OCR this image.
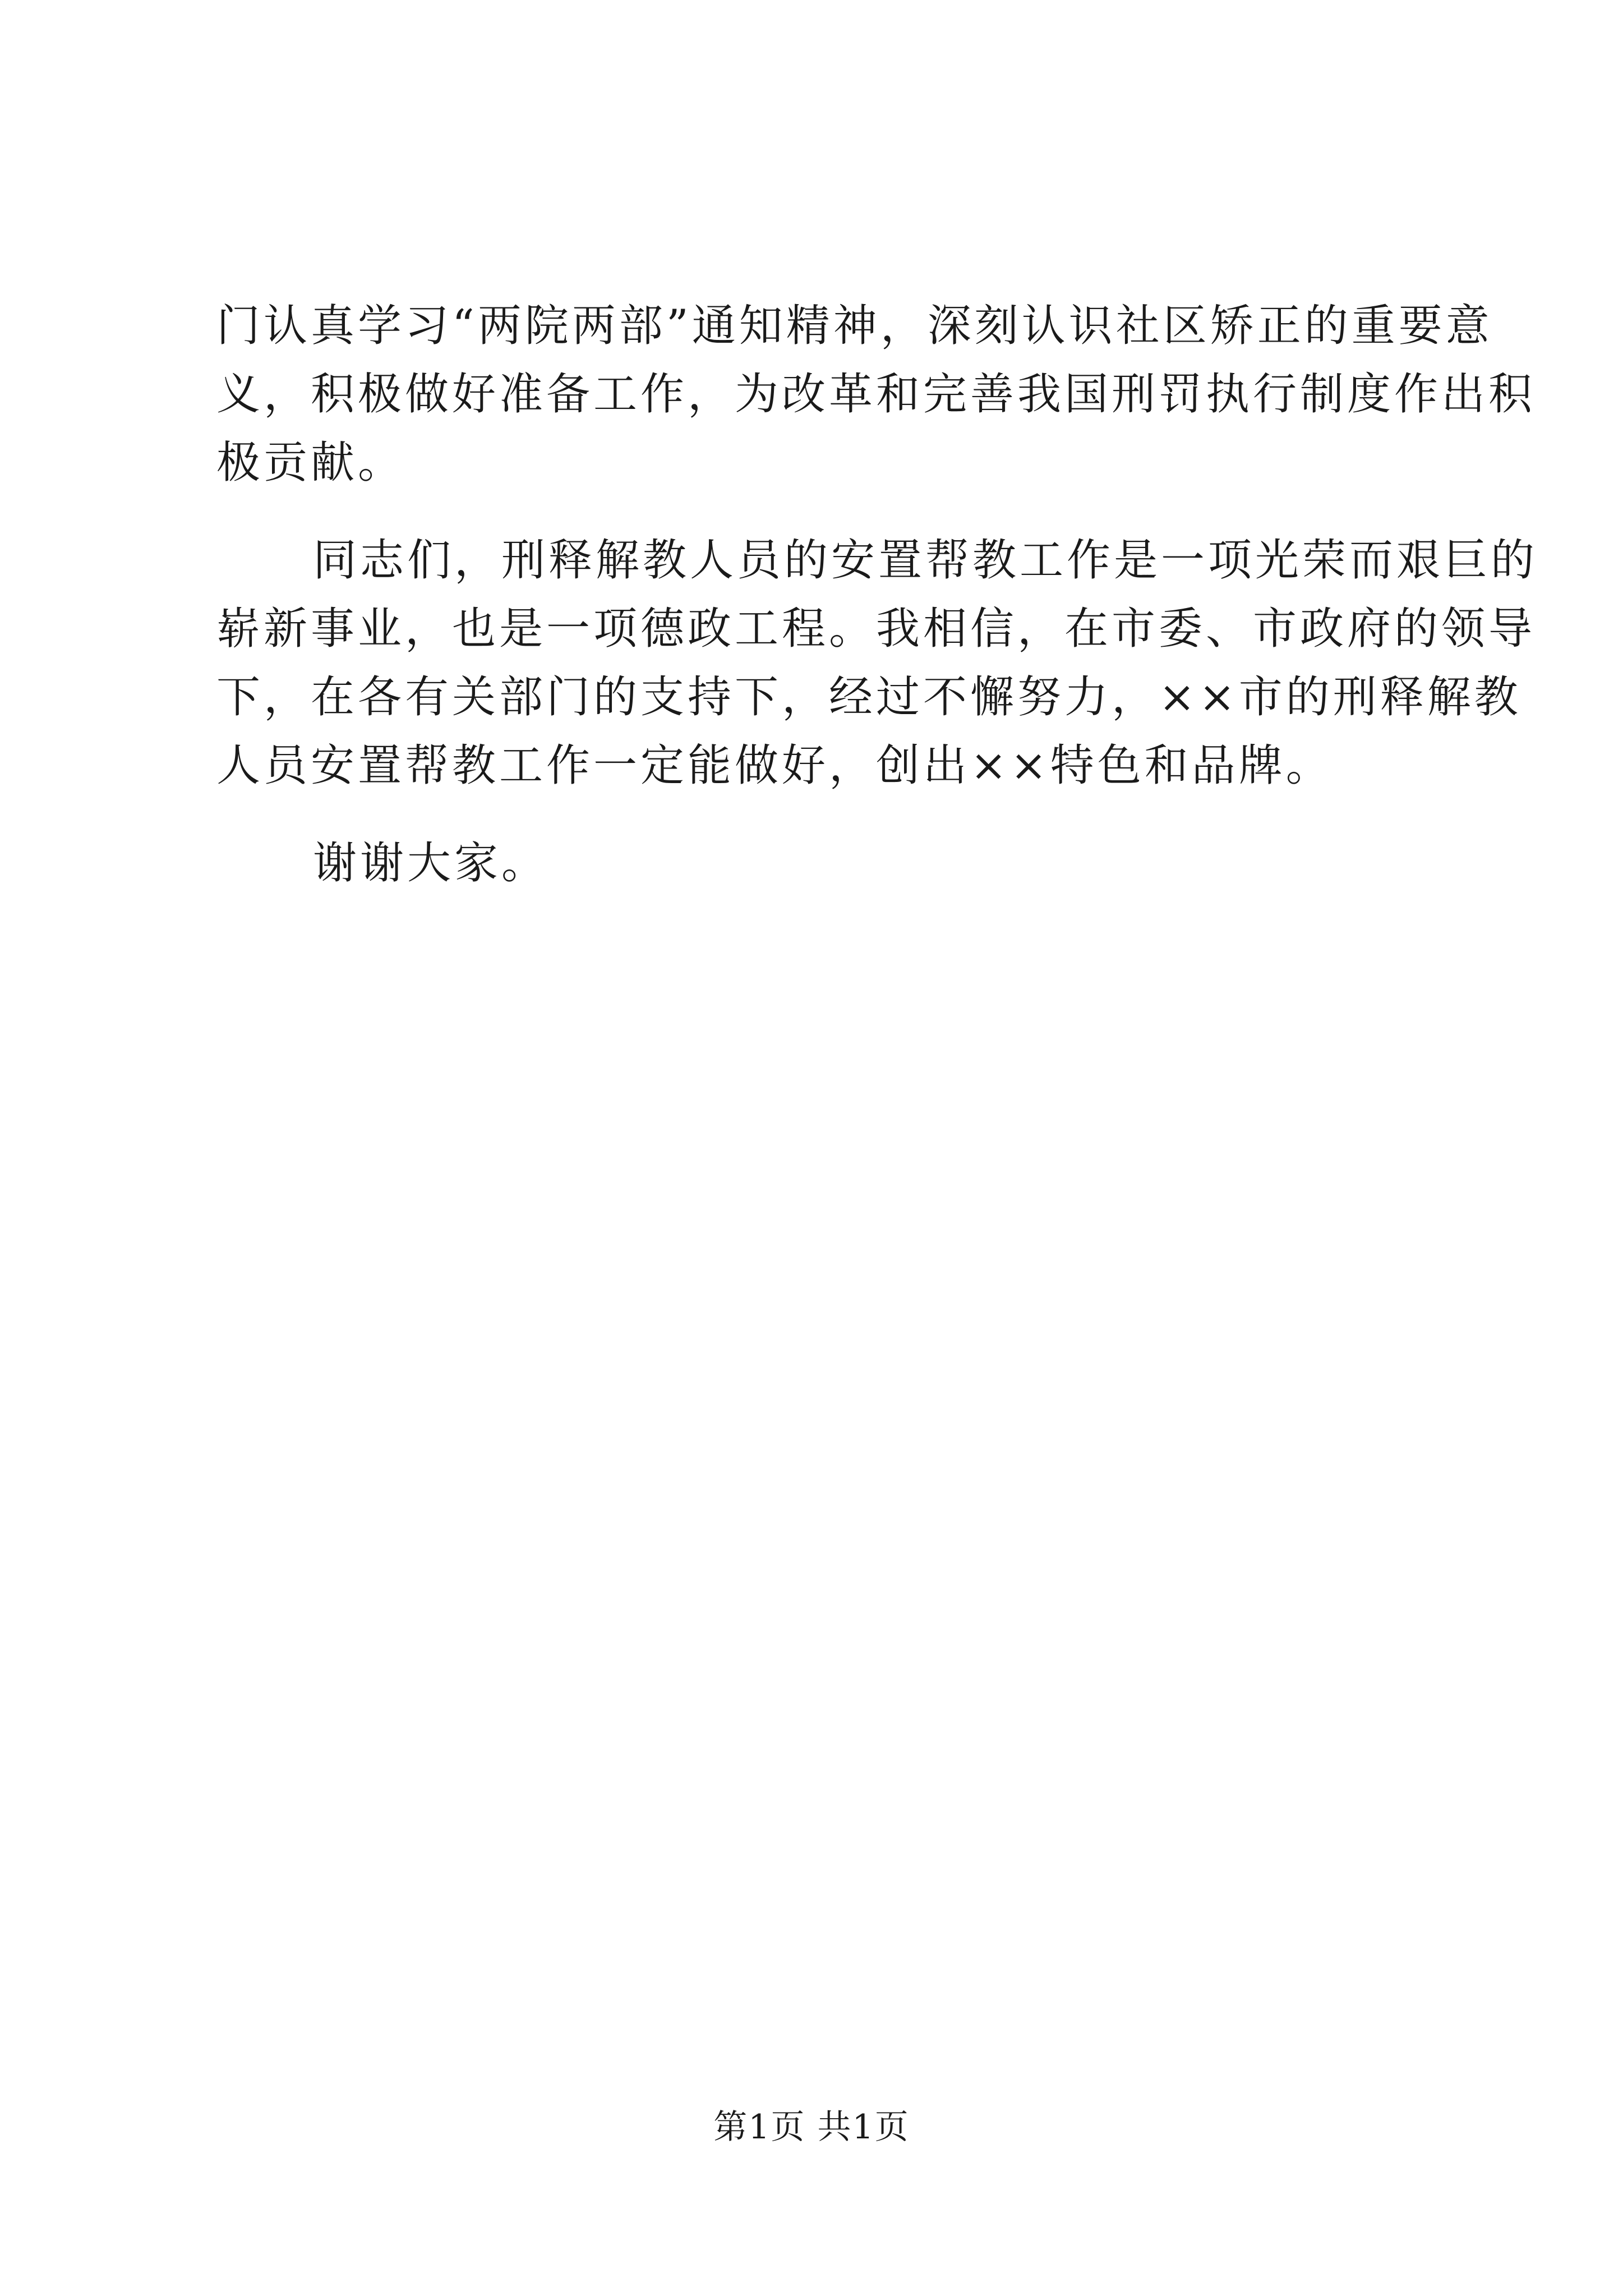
门认真学习“两院两部”通知精神，深刻认识社区矫正的重要意
义，积极做好准备工作，为改革和完善我国刑罚执行制度作出积
极贡献。
同志们，刑释解教人员的安置帮教工作是一项光荣而艰巨的
崭新事业，也是一项德政工程。我相信，在市委、市政府的领导
下，在各有关部门的支持下，经过不懈努力，××市的刑释解教
人员安置帮教工作一定能做好，创出××特色和品牌。
谢谢大家。
第1页 共1页
